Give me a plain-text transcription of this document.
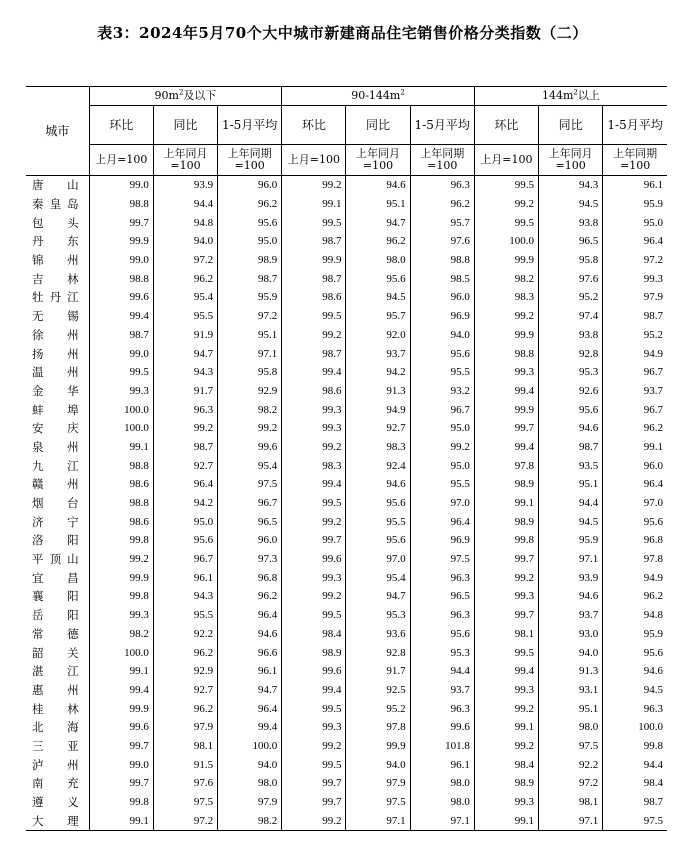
表3：2024年5月70个大中城市新建商品住宅销售价格分类指数（二）
城市	$90m^2$及以下			$90-144m^2$			$144m^2$以上		
	环比	同比	1-5月平均	环比	同比	1-5月平均	环比	同比	1-5月平均
	上月=100	上年同月=100	上年同期=100	上月=100	上年同月=100	上年同期=100	上月=100	上年同月=100	上年同期=100
唐山	99.0	93.9	96.0	99.2	94.6	96.3	99.5	94.3	96.1
秦皇岛	98.8	94.4	96.2	99.1	95.1	96.2	99.2	94.5	95.9
包头	99.7	94.8	95.6	99.5	94.7	95.7	99.5	93.8	95.0
丹东	99.9	94.0	95.0	98.7	96.2	97.6	100.0	96.5	96.4
锦州	99.0	97.2	98.9	99.9	98.0	98.8	99.9	95.8	97.2
吉林	98.8	96.2	98.7	98.7	95.6	98.5	98.2	97.6	99.3
牡丹江	99.6	95.4	95.9	98.6	94.5	96.0	98.3	95.2	97.9
无锡	99.4	95.5	97.2	99.5	95.7	96.9	99.2	97.4	98.7
徐州	98.7	91.9	95.1	99.2	92.0	94.0	99.9	93.8	95.2
扬州	99.0	94.7	97.1	98.7	93.7	95.6	98.8	92.8	94.9
温州	99.5	94.3	95.8	99.4	94.2	95.5	99.3	95.3	96.7
金华	99.3	91.7	92.9	98.6	91.3	93.2	99.4	92.6	93.7
蚌埠	100.0	96.3	98.2	99.3	94.9	96.7	99.9	95.6	96.7
安庆	100.0	99.2	99.2	99.3	92.7	95.0	99.7	94.6	96.2
泉州	99.1	98.7	99.6	99.2	98.3	99.2	99.4	98.7	99.1
九江	98.8	92.7	95.4	98.3	92.4	95.0	97.8	93.5	96.0
赣州	98.6	96.4	97.5	99.4	94.6	95.5	98.9	95.1	96.4
烟台	98.8	94.2	96.7	99.5	95.6	97.0	99.1	94.4	97.0
济宁	98.6	95.0	96.5	99.2	95.5	96.4	98.9	94.5	95.6
洛阳	99.8	95.6	96.0	99.7	95.6	96.9	99.8	95.9	96.8
平顶山	99.2	96.7	97.3	99.6	97.0	97.5	99.7	97.1	97.8
宜昌	99.9	96.1	96.8	99.3	95.4	96.3	99.2	93.9	94.9
襄阳	99.8	94.3	96.2	99.2	94.7	96.5	99.3	94.6	96.2
岳阳	99.3	95.5	96.4	99.5	95.3	96.3	99.7	93.7	94.8
常德	98.2	92.2	94.6	98.4	93.6	95.6	98.1	93.0	95.9
韶关	100.0	96.2	96.6	98.9	92.8	95.3	99.5	94.0	95.6
湛江	99.1	92.9	96.1	99.6	91.7	94.4	99.4	91.3	94.6
惠州	99.4	92.7	94.7	99.4	92.5	93.7	99.3	93.1	94.5
桂林	99.9	96.2	96.4	99.5	95.2	96.3	99.2	95.1	96.3
北海	99.6	97.9	99.4	99.3	97.8	99.6	99.1	98.0	100.0
三亚	99.7	98.1	100.0	99.2	99.9	101.8	99.2	97.5	99.8
泸州	99.0	91.5	94.0	99.5	94.0	96.1	98.4	92.2	94.4
南充	99.7	97.6	98.0	99.7	97.9	98.0	98.9	97.2	98.4
遵义	99.8	97.5	97.9	99.7	97.5	98.0	99.3	98.1	98.7
大理	99.1	97.2	98.2	99.2	97.1	97.1	99.1	97.1	97.5
